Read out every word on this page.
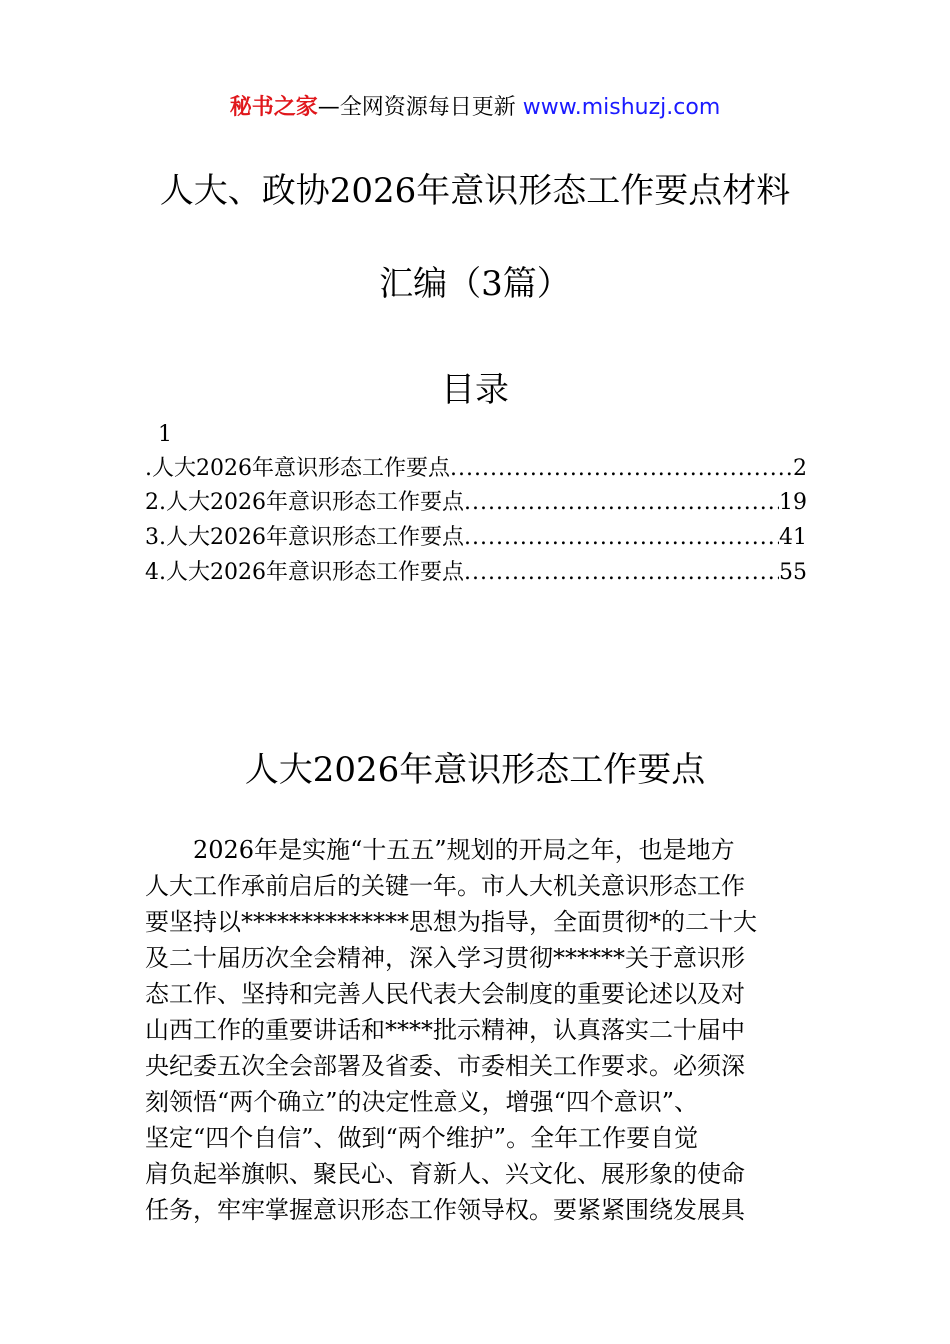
秘书之家—全网资源每日更新 www.mishuzj.com
人大、政协2026年意识形态工作要点材料
汇编（3篇）
目录
1
.人大2026年意识形态工作要点 .....	2
2.人大2026年意识形态工作要点 .....	19
3.人大2026年意识形态工作要点 .....	41
4.人大2026年意识形态工作要点 .....	55
人大2026年意识形态工作要点
2026年是实施“十五五”规划的开局之年，也是地方
人大工作承前启后的关键一年。市人大机关意识形态工作
要坚持以**************思想为指导，全面贯彻*的二十大
及二十届历次全会精神，深入学习贯彻******关于意识形
态工作、坚持和完善人民代表大会制度的重要论述以及对
山西工作的重要讲话和****批示精神，认真落实二十届中
央纪委五次全会部署及省委、市委相关工作要求。必须深
刻领悟“两个确立”的决定性意义，增强“四个意识”、
坚定“四个自信”、做到“两个维护”。全年工作要自觉
肩负起举旗帜、聚民心、育新人、兴文化、展形象的使命
任务，牢牢掌握意识形态工作领导权。要紧紧围绕发展具
